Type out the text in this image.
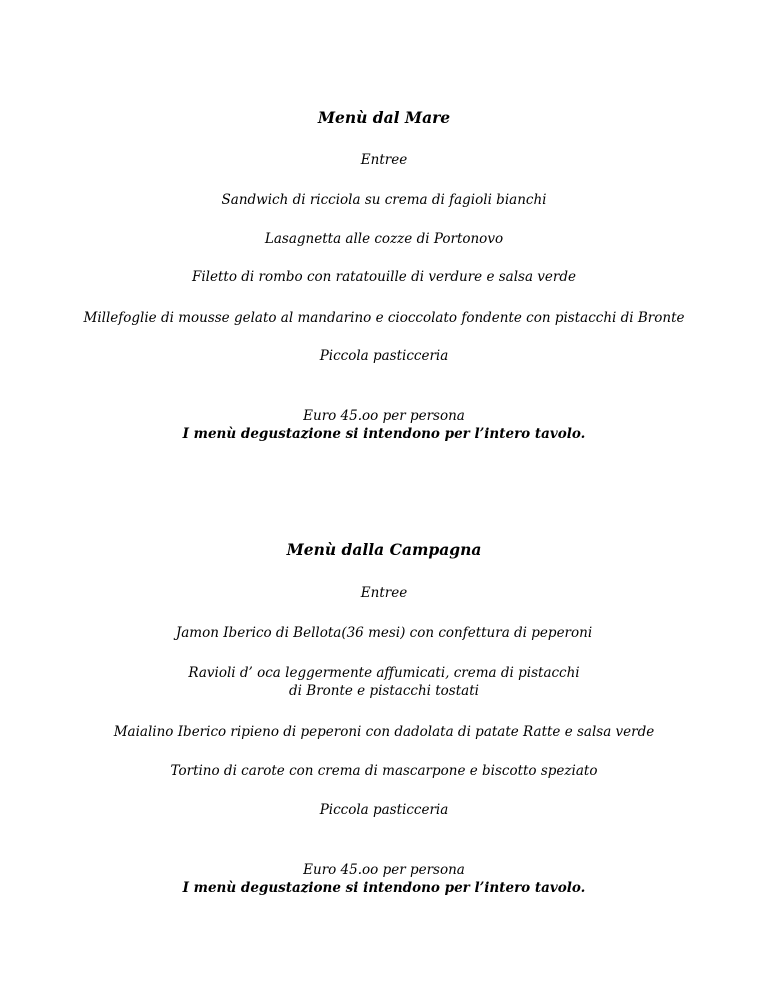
Menù dal Mare
Entree
Sandwich di ricciola su crema di fagioli bianchi
Lasagnetta alle cozze di Portonovo
Filetto di rombo con ratatouille di verdure e salsa verde
Millefoglie di mousse gelato al mandarino e cioccolato fondente con pistacchi di Bronte
Piccola pasticceria
Euro 45.oo per persona
I menù degustazione si intendono per l’intero tavolo.
Menù dalla Campagna
Entree
Jamon Iberico di Bellota(36 mesi) con confettura di peperoni
Ravioli d’ oca leggermente affumicati, crema di pistacchi
di Bronte e pistacchi tostati
Maialino Iberico ripieno di peperoni con dadolata di patate Ratte e salsa verde
Tortino di carote con crema di mascarpone e biscotto speziato
Piccola pasticceria
Euro 45.oo per persona
I menù degustazione si intendono per l’intero tavolo.
